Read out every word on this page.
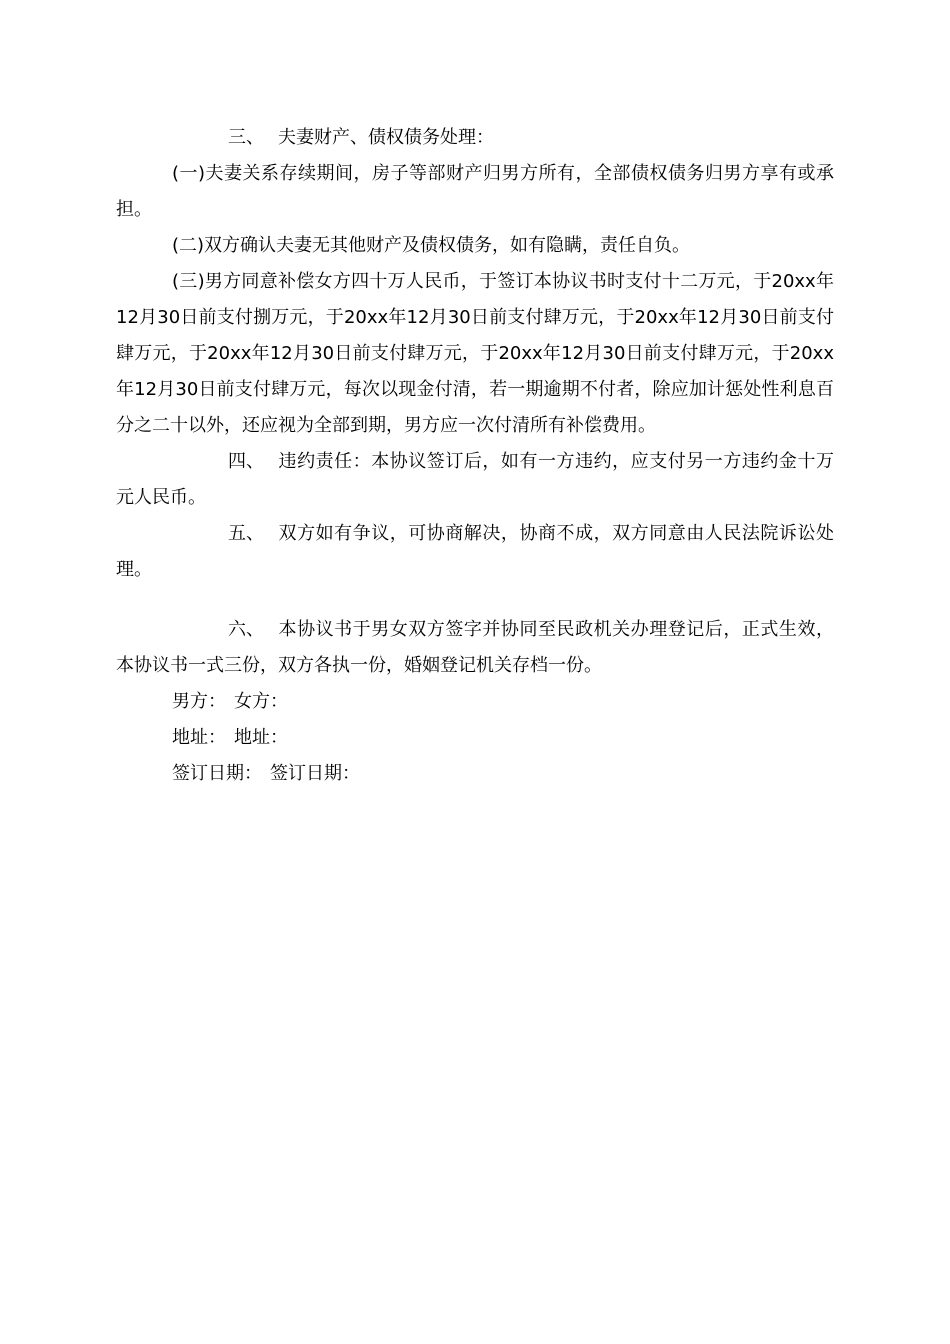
三、 夫妻财产、债权债务处理：

(一)夫妻关系存续期间，房子等部财产归男方所有，全部债权债务归男方享有或承担。

(二)双方确认夫妻无其他财产及债权债务，如有隐瞒，责任自负。

(三)男方同意补偿女方四十万人民币，于签订本协议书时支付十二万元，于20xx年12月30日前支付捌万元，于20xx年12月30日前支付肆万元，于20xx年12月30日前支付肆万元，于20xx年12月30日前支付肆万元，于20xx年12月30日前支付肆万元，于20xx年12月30日前支付肆万元，每次以现金付清，若一期逾期不付者，除应加计惩处性利息百分之二十以外，还应视为全部到期，男方应一次付清所有补偿费用。

四、 违约责任：本协议签订后，如有一方违约，应支付另一方违约金十万元人民币。

五、 双方如有争议，可协商解决，协商不成，双方同意由人民法院诉讼处理。

六、 本协议书于男女双方签字并协同至民政机关办理登记后，正式生效，本协议书一式三份，双方各执一份，婚姻登记机关存档一份。

男方： 女方：

地址： 地址：

签订日期： 签订日期：
